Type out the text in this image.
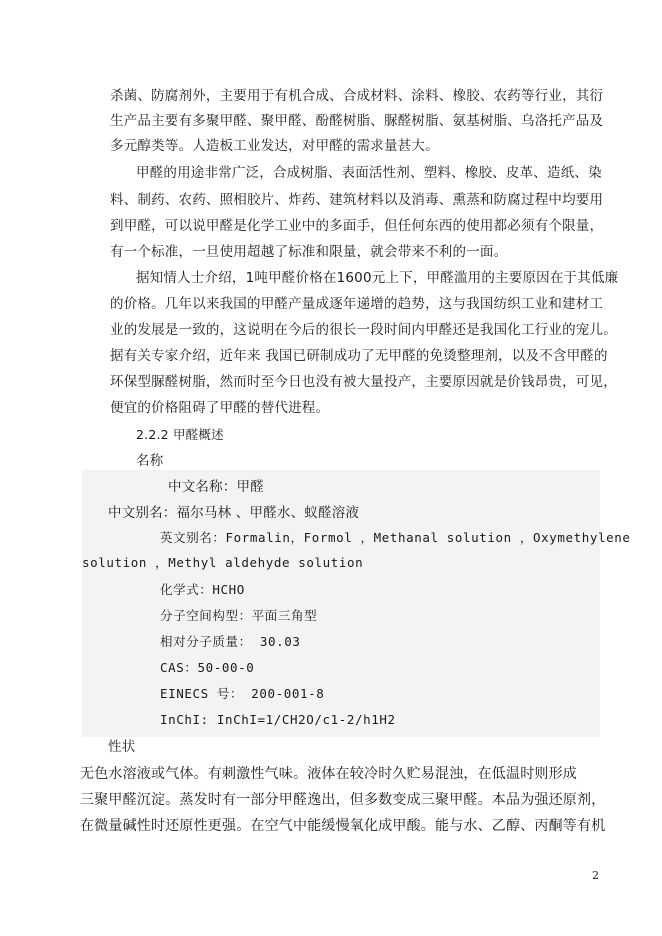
杀菌、防腐剂外，主要用于有机合成、合成材料、涂料、橡胶、农药等行业，其衍
生产品主要有多聚甲醛、聚甲醛、酚醛树脂、脲醛树脂、氨基树脂、乌洛托产品及
多元醇类等。人造板工业发达，对甲醛的需求量甚大。
甲醛的用途非常广泛，合成树脂、表面活性剂、塑料、橡胶、皮革、造纸、染
料、制药、农药、照相胶片、炸药、建筑材料以及消毒、熏蒸和防腐过程中均要用
到甲醛，可以说甲醛是化学工业中的多面手，但任何东西的使用都必须有个限量，
有一个标准，一旦使用超越了标准和限量，就会带来不利的一面。
据知情人士介绍，1吨甲醛价格在1600元上下，甲醛滥用的主要原因在于其低廉
的价格。几年以来我国的甲醛产量成逐年递增的趋势，这与我国纺织工业和建材工
业的发展是一致的，这说明在今后的很长一段时间内甲醛还是我国化工行业的宠儿。
据有关专家介绍，近年来 我国已研制成功了无甲醛的免烫整理剂，以及不含甲醛的
环保型脲醛树脂，然而时至今日也没有被大量投产，主要原因就是价钱昂贵，可见，
便宜的价格阻碍了甲醛的替代进程。
2.2.2 甲醛概述
名称
中文名称：甲醛
中文别名：福尔马林 、甲醛水、蚁醛溶液
英文别名：Formalin，Formol ，Methanal solution ，Oxymethylene
solution ，Methyl aldehyde solution
化学式：HCHO
分子空间构型：平面三角型
相对分子质量： 30.03
CAS：50-00-0
EINECS 号： 200-001-8
InChI: InChI=1/CH2O/c1-2/h1H2
性状
无色水溶液或气体。有刺激性气味。液体在较冷时久贮易混浊，在低温时则形成
三聚甲醛沉淀。蒸发时有一部分甲醛逸出，但多数变成三聚甲醛。本品为强还原剂，
在微量碱性时还原性更强。在空气中能缓慢氧化成甲酸。能与水、乙醇、丙酮等有机
2
